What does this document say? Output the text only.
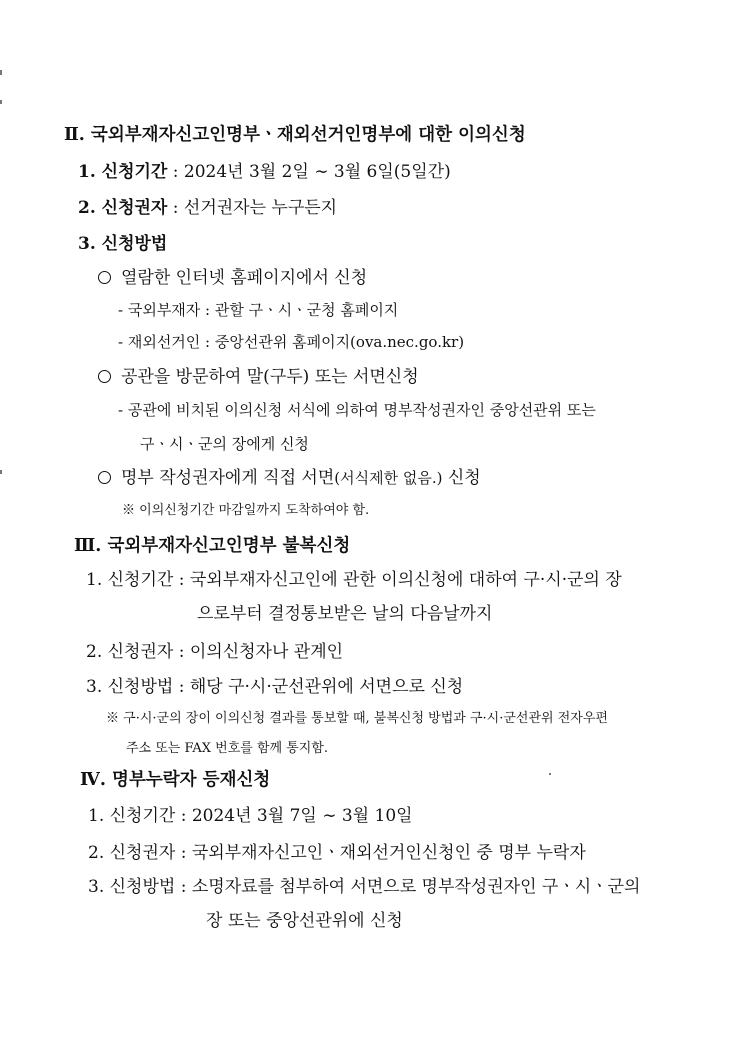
Ⅱ. 국외부재자신고인명부ㆍ재외선거인명부에 대한 이의신청
1. 신청기간 : 2024년 3월 2일 ∼ 3월 6일(5일간)
2. 신청권자 : 선거권자는 누구든지
3. 신청방법
열람한 인터넷 홈페이지에서 신청
- 국외부재자 : 관할 구ㆍ시ㆍ군청 홈페이지
- 재외선거인 : 중앙선관위 홈페이지(ova.nec.go.kr)
공관을 방문하여 말(구두) 또는 서면신청
- 공관에 비치된 이의신청 서식에 의하여 명부작성권자인 중앙선관위 또는
구ㆍ시ㆍ군의 장에게 신청
명부 작성권자에게 직접 서면(서식제한 없음.) 신청
※ 이의신청기간 마감일까지 도착하여야 함.
Ⅲ. 국외부재자신고인명부 불복신청
1. 신청기간 : 국외부재자신고인에 관한 이의신청에 대하여 구·시·군의 장
으로부터 결정통보받은 날의 다음날까지
2. 신청권자 : 이의신청자나 관계인
3. 신청방법 : 해당 구·시·군선관위에 서면으로 신청
※ 구·시·군의 장이 이의신청 결과를 통보할 때, 불복신청 방법과 구·시·군선관위 전자우편
주소 또는 FAX 번호를 함께 통지함.
Ⅳ. 명부누락자 등재신청
1. 신청기간 : 2024년 3월 7일 ∼ 3월 10일
2. 신청권자 : 국외부재자신고인ㆍ재외선거인신청인 중 명부 누락자
3. 신청방법 : 소명자료를 첨부하여 서면으로 명부작성권자인 구ㆍ시ㆍ군의
장 또는 중앙선관위에 신청
